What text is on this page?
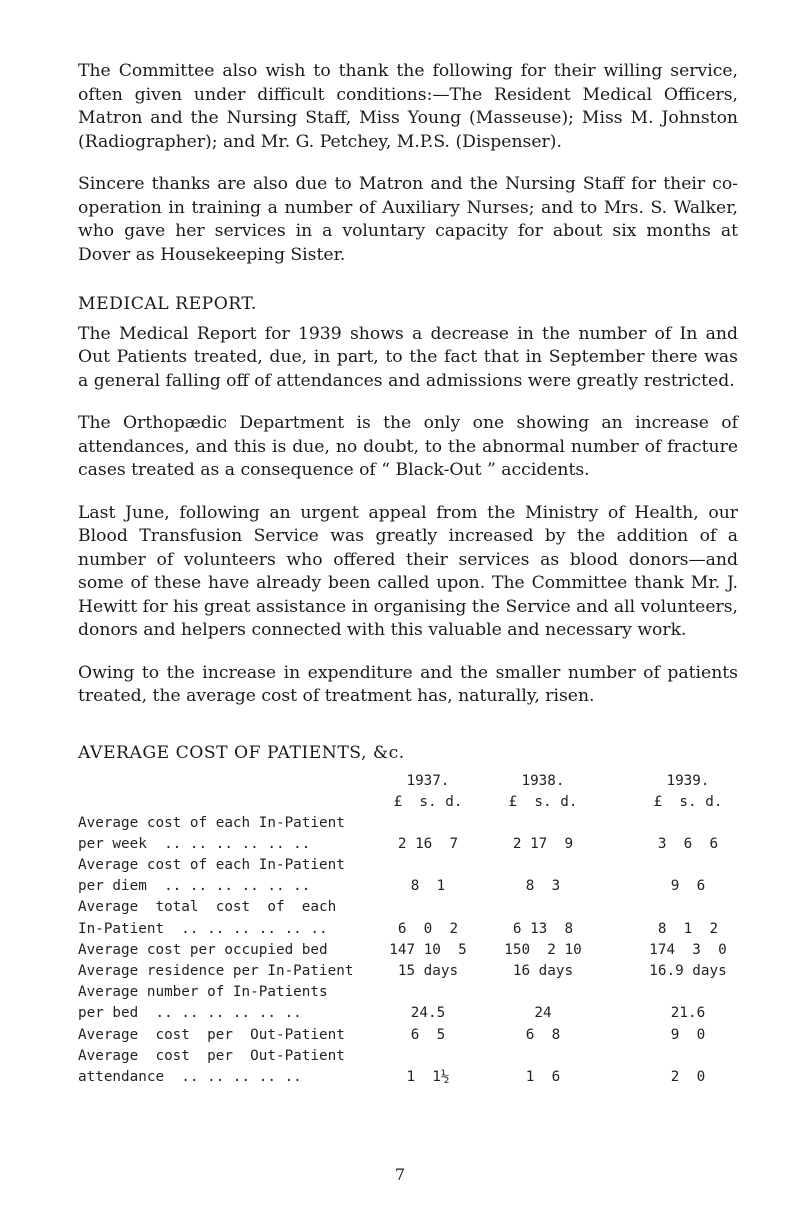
The Committee also wish to thank the following for their willing service, often given under difficult conditions:—The Resident Medical Officers, Matron and the Nursing Staff, Miss Young (Masseuse); Miss M. Johnston (Radiographer); and Mr. G. Petchey, M.P.S. (Dispenser).

Sincere thanks are also due to Matron and the Nursing Staff for their co-operation in training a number of Auxiliary Nurses; and to Mrs. S. Walker, who gave her services in a voluntary capacity for about six months at Dover as Housekeeping Sister.

MEDICAL REPORT.

The Medical Report for 1939 shows a decrease in the number of In and Out Patients treated, due, in part, to the fact that in September there was a general falling off of attendances and admissions were greatly restricted.

The Orthopædic Department is the only one showing an increase of attendances, and this is due, no doubt, to the abnormal number of fracture cases treated as a consequence of “ Black-Out ” accidents.

Last June, following an urgent appeal from the Ministry of Health, our Blood Transfusion Service was greatly increased by the addition of a number of volunteers who offered their services as blood donors—and some of these have already been called upon. The Committee thank Mr. J. Hewitt for his great assistance in organising the Service and all volunteers, donors and helpers connected with this valuable and necessary work.

Owing to the increase in expenditure and the smaller number of patients treated, the average cost of treatment has, naturally, risen.

AVERAGE COST OF PATIENTS, &c.
1937.	1938.	1939.
£  s. d.	£  s. d.	£  s. d.
Average cost of each In-Patient
per week  .. .. .. .. .. ..	2 16  7	2 17  9	3  6  6
Average cost of each In-Patient
per diem  .. .. .. .. .. ..	8  1	8  3	9  6
Average  total  cost  of  each
In-Patient  .. .. .. .. .. ..	6  0  2	6 13  8	8  1  2
Average cost per occupied bed	147 10  5	150  2 10	174  3  0
Average residence per In-Patient	15 days	16 days	16.9 days
Average number of In-Patients
per bed  .. .. .. .. .. ..	24.5	24	21.6
Average  cost  per  Out-Patient	6  5	6  8	9  0
Average  cost  per  Out-Patient
attendance  .. .. .. .. ..	1  1½	1  6	2  0
7
